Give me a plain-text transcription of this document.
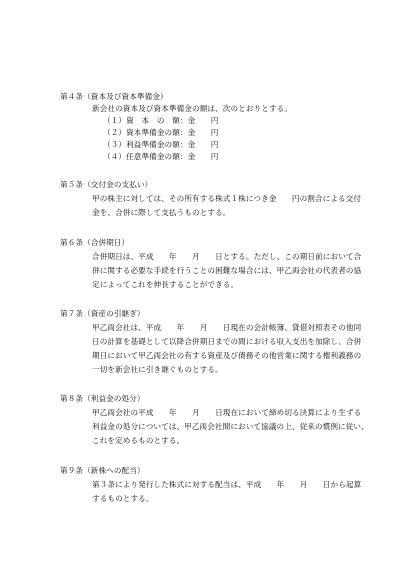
第４条（資本及び資本準備金）
新会社の資本及び資本準備金の額は、次のとおりとする。
（１）資　本　の　額：金　　円
（２）資本準備金の額：金　　円
（３）利益準備金の額：金　　円
（４）任意準備金の額：金　　円
第５条（交付金の支払い）
甲の株主に対しては、その所有する株式１株につき金　　円の割合による交付
金を、合併に際して支払うものとする。
第６条（合併期日）
合併期日は、平成　　年　　月　　日とする。ただし、この期日前において合
併に関する必要な手続を行うことの困難な場合には、甲乙両会社の代表者の協
定によってこれを伸長することができる。
第７条（資産の引継ぎ）
甲乙両会社は、平成　　年　　月　　日現在の会計帳簿、貸借対照表その他同
日の計算を基礎として以降合併期日までの間における収入支出を加除し、合併
期日において甲乙両会社の有する資産及び債務その他営業に関する権利義務の
一切を新会社に引き継ぐものとする。
第８条（利益金の処分）
甲乙両会社の平成　　年　　月　　日現在において締め切る決算により生ずる
利益金の処分については、甲乙両会社間において協議の上、従来の慣例に従い、
これを定めるものとする。
第９条（新株への配当）
第３条により発行した株式に対する配当は、平成　　年　　月　　日から起算
するものとする。
